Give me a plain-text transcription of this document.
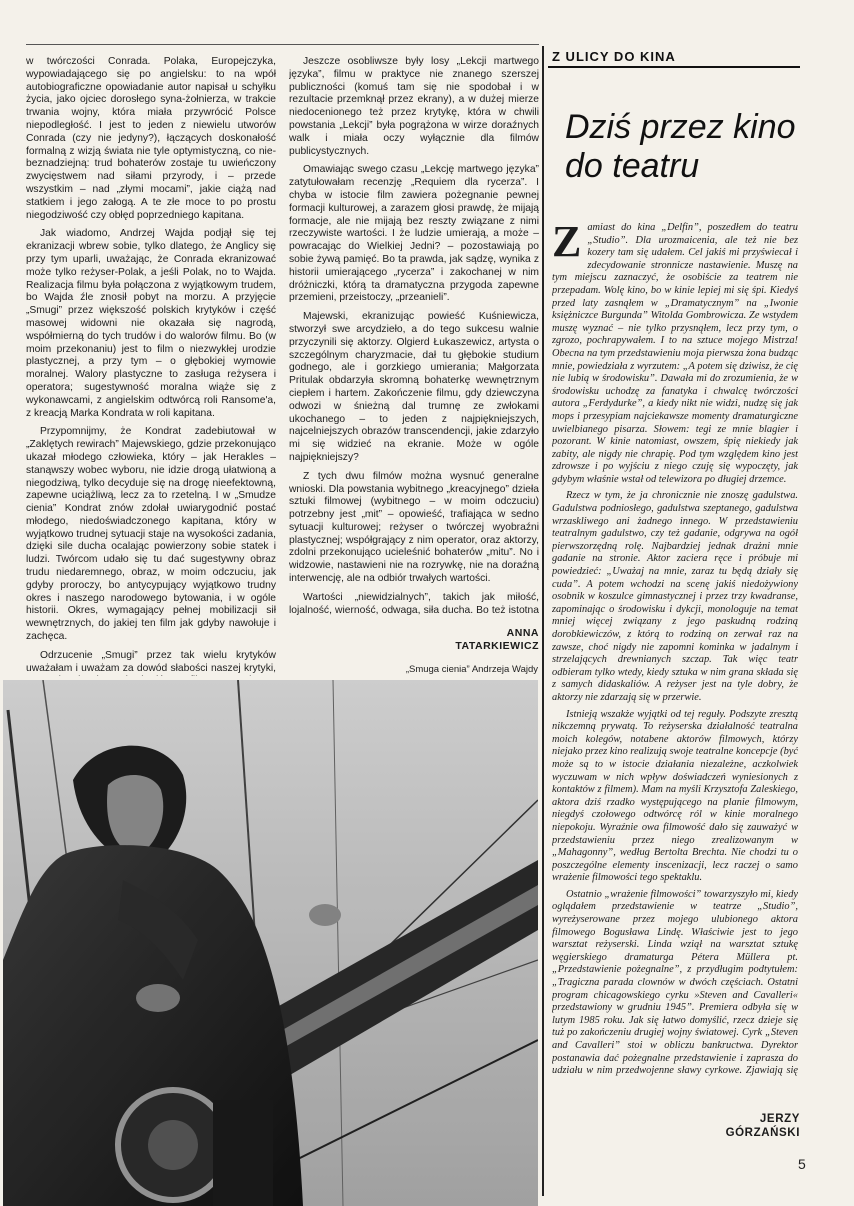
w twórczości Conrada. Polaka, Europejczyka, wypowiadającego się po angielsku: to na wpół autobiograficzne opowiadanie autor napisał u schyłku życia, jako ojciec dorosłego syna-żołnierza, w trakcie trwania wojny, która miała przywrócić Polsce niepodległość. I jest to jeden z niewielu utworów Conrada (czy nie jedyny?), łączących doskonałość formalną z wizją świata nie tyle optymistyczną, co nie-beznadziejną: trud bohaterów zostaje tu uwieńczony zwycięstwem nad siłami przyrody, i – przede wszystkim – nad „złymi mocami”, jakie ciążą nad statkiem i jego załogą. A te złe moce to po prostu niegodziwość czy obłęd poprzedniego kapitana.

Jak wiadomo, Andrzej Wajda podjął się tej ekranizacji wbrew sobie, tylko dlatego, że Anglicy się przy tym uparli, uważając, że Conrada ekranizować może tylko reżyser-Polak, a jeśli Polak, no to Wajda. Realizacja filmu była połączona z wyjątkowym trudem, bo Wajda źle znosił pobyt na morzu. A przyjęcie „Smugi” przez większość polskich krytyków i część masowej widowni nie okazała się nagrodą, współmierną do tych trudów i do walorów filmu. Bo (w moim przekonaniu) jest to film o niezwykłej urodzie plastycznej, a przy tym – o głębokiej wymowie moralnej. Walory plastyczne to zasługa reżysera i operatora; sugestywność moralna wiąże się z wykonawcami, z angielskim odtwórcą roli Ransome'a, z kreacją Marka Kondrata w roli kapitana.

Przypomnijmy, że Kondrat zadebiutował w „Zaklętych rewirach” Majewskiego, gdzie przekonująco ukazał młodego człowieka, który – jak Herakles – stanąwszy wobec wyboru, nie idzie drogą ułatwioną a niegodziwą, tylko decyduje się na drogę nieefektowną, zapewne uciążliwą, lecz za to rzetelną. I w „Smudze cienia” Kondrat znów zdołał uwiarygodnić postać młodego, niedoświadczonego kapitana, który w wyjątkowo trudnej sytuacji staje na wysokości zadania, dzięki sile ducha ocalając powierzony sobie statek i ludzi. Twórcom udało się tu dać sugestywny obraz trudu niedaremnego, obraz, w moim odczuciu, jak gdyby proroczy, bo antycypujący wyjątkowo trudny okres i naszego narodowego bytowania, i w ogóle historii. Okres, wymagający pełnej mobilizacji sił wewnętrznych, do jakiej ten film jak gdyby nawołuje i zachęca.

Odrzucenie „Smugi” przez tak wielu krytyków uważałam i uważam za dowód słabości naszej krytyki,

Jeszcze osobliwsze były losy „Lekcji martwego języka”, filmu w praktyce nie znanego szerszej publiczności (komuś tam się nie spodobał i w rezultacie przemknął przez ekrany), a w dużej mierze niedocenionego też przez krytykę, która w chwili powstania „Lekcji” była pogrążona w wirze doraźnych walk i miała oczy wyłącznie dla filmów publicystycznych.

Omawiając swego czasu „Lekcję martwego języka” zatytułowałam recenzję „Requiem dla rycerza”. I chyba w istocie film zawiera pożegnanie pewnej formacji kulturowej, a zarazem głosi prawdę, że mijają formacje, ale nie mijają bez reszty związane z nimi rzeczywiste wartości. I że ludzie umierają, a może – powracając do Wielkiej Jedni? – pozostawiają po sobie żywą pamięć. Bo ta prawda, jak sądzę, wynika z historii umierającego „rycerza” i zakochanej w nim dróżniczki, którą ta dramatyczna przygoda zapewne przemieni, przeistoczy, „przeanieli”.

Majewski, ekranizując powieść Kuśniewicza, stworzył swe arcydzieło, a do tego sukcesu walnie przyczynili się aktorzy. Olgierd Łukaszewicz, artysta o szczególnym charyzmacie, dał tu głębokie studium godnego, ale i gorzkiego umierania; Małgorzata Pritulak obdarzyła skromną bohaterkę wewnętrznym ciepłem i hartem. Zakończenie filmu, gdy dziewczyna odwozi w śnieżną dal trumnę ze zwłokami ukochanego – to jeden z najpiękniejszych, najcelniejszych obrazów transcendencji, jakie zdarzyło mi się widzieć na ekranie. Może w ogóle najpiękniejszy?

Z tych dwu filmów można wysnuć generalne wnioski. Dla powstania wybitnego „kreacyjnego” dzieła sztuki filmowej (wybitnego – w moim odczuciu) potrzebny jest „mit” – opowieść, trafiająca w sedno sytuacji kulturowej; reżyser o twórczej wyobraźni plastycznej; współgrający z nim operator, oraz aktorzy, zdolni przekonująco ucieleśnić bohaterów „mitu”. No i widzowie, nastawieni nie na rozrywkę, nie na doraźną interwencję, ale na odbiór trwałych wartości.

Wartości „niewidzialnych”, takich jak miłość, lojalność, wierność, odwaga, siła ducha. Bo też istotna

ANNA
TATARKIEWICZ
„Smuga cienia” Andrzeja Wajdy
Z ULICY DO KINA
Dziś przez kino
do teatru

Zamiast do kina „Delfin”, poszedłem do teatru „Studio”. Dla urozmaicenia, ale też nie bez kozery tam się udałem. Cel jakiś mi przyświecał i zdecydowanie stronnicze nastawienie. Muszę na tym miejscu zaznaczyć, że osobiście za teatrem nie przepadam. Wolę kino, bo w kinie lepiej mi się śpi. Kiedyś przed laty zasnąłem w „Dramatycznym” na „Iwonie księżniczce Burgunda” Witolda Gombrowicza. Ze wstydem muszę wyznać – nie tylko przysnąłem, lecz przy tym, o zgrozo, pochrapywałem. I to na sztuce mojego Mistrza! Obecna na tym przedstawieniu moja pierwsza żona budząc mnie, powiedziała z wyrzutem: „A potem się dziwisz, że cię nie lubią w środowisku”. Dawała mi do zrozumienia, że w środowisku uchodzę za fanatyka i chwalcę twórczości autora „Ferdydurke”, a kiedy nikt nie widzi, nudzę się jak mops i przesypiam najciekawsze momenty dramaturgiczne uwielbianego pisarza. Słowem: tegi ze mnie blagier i pozorant. W kinie natomiast, owszem, śpię niekiedy jak zabity, ale nigdy nie chrapię. Pod tym względem kino jest zdrowsze i po wyjściu z niego czuję się wypoczęty, jak gdybym właśnie wstał od telewizora po długiej drzemce.

Rzecz w tym, że ja chronicznie nie znoszę gadulstwa. Gadulstwa podniosłego, gadulstwa szeptanego, gadulstwa wrzaskliwego ani żadnego innego. W przedstawieniu teatralnym gadulstwo, czy też gadanie, odgrywa na ogół pierwszorzędną rolę. Najbardziej jednak drażni mnie gadanie na stronie. Aktor zaciera ręce i próbuje mi powiedzieć: „Uważaj na mnie, zaraz tu będą działy się cuda”. A potem wchodzi na scenę jakiś niedożywiony osobnik w koszulce gimnastycznej i przez trzy kwadranse, zapominając o środowisku i dykcji, monologuje na temat mniej więcej związany z jego paskudną rodziną dorobkiewiczów, z którą to rodziną on zerwał raz na zawsze, choć nigdy nie zapomni kominka w jadalnym i strzelających drewnianych szczap. Tak więc teatr odbieram tylko wtedy, kiedy sztuka w nim grana składa się z samych didaskaliów. A reżyser jest na tyle dobry, że aktorzy nie zdarzają się w przerwie.

Istnieją wszakże wyjątki od tej reguły. Podszyte zresztą nikczemną prywatą. To reżyserska działalność teatralna moich kolegów, notabene aktorów filmowych, którzy niejako przez kino realizują swoje teatralne koncepcje (być może są to w istocie działania niezależne, aczkolwiek wyczuwam w nich wpływ doświadczeń wyniesionych z kontaktów z filmem). Mam na myśli Krzysztofa Zaleskiego, aktora dziś rzadko występującego na planie filmowym, niegdyś czołowego odtwórcę ról w kinie moralnego niepokoju. Wyraźnie owa filmowość dało się zauważyć w przedstawieniu przez niego zrealizowanym w „Mahagonny”, według Bertolta Brechta. Nie chodzi tu o poszczególne elementy inscenizacji, lecz raczej o samo wrażenie filmowości tego spektaklu.

Ostatnio „wrażenie filmowości” towarzyszyło mi, kiedy oglądałem przedstawienie w teatrze „Studio”, wyreżyserowane przez mojego ulubionego aktora filmowego Bogusława Lindę. Właściwie jest to jego warsztat reżyserski. Linda wziął na warsztat sztukę węgierskiego dramaturga Pétera Müllera pt. „Przedstawienie pożegnalne”, z przydługim podtytułem: „Tragiczna parada clownów w dwóch częściach. Ostatni program chicagowskiego cyrku »Steven and Cavalleri« przedstawiony w grudniu 1945”. Premiera odbyła się w lutym 1985 roku. Jak się łatwo domyślić, rzecz dzieje się tuż po zakończeniu drugiej wojny światowej. Cyrk „Steven and Cavalleri” stoi w obliczu bankructwa. Dyrektor postanawia dać pożegnalne przedstawienie i zaprasza do udziału w nim przedwojenne sławy cyrkowe. Zjawiają się

JERZY
GÓRZAŃSKI
5
